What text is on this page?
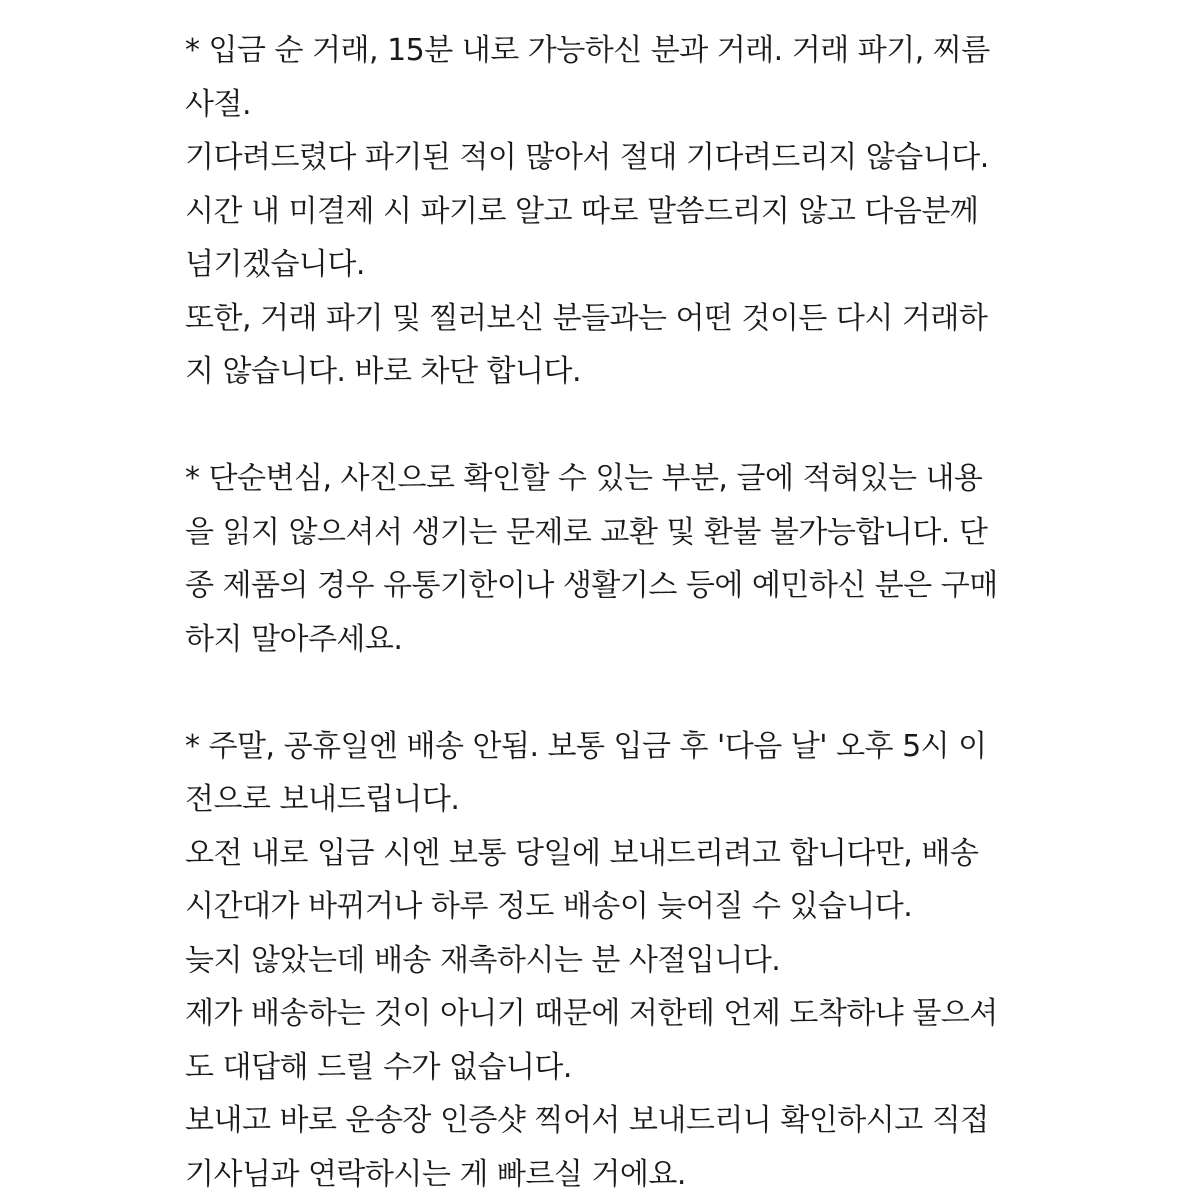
* 입금 순 거래, 15분 내로 가능하신 분과 거래. 거래 파기, 찌름
사절.
기다려드렸다 파기된 적이 많아서 절대 기다려드리지 않습니다.
시간 내 미결제 시 파기로 알고 따로 말씀드리지 않고 다음분께
넘기겠습니다.
또한, 거래 파기 및 찔러보신 분들과는 어떤 것이든 다시 거래하
지 않습니다. 바로 차단 합니다.
* 단순변심, 사진으로 확인할 수 있는 부분, 글에 적혀있는 내용
을 읽지 않으셔서 생기는 문제로 교환 및 환불 불가능합니다. 단
종 제품의 경우 유통기한이나 생활기스 등에 예민하신 분은 구매
하지 말아주세요.
* 주말, 공휴일엔 배송 안됨. 보통 입금 후 '다음 날' 오후 5시 이
전으로 보내드립니다.
오전 내로 입금 시엔 보통 당일에 보내드리려고 합니다만, 배송
시간대가 바뀌거나 하루 정도 배송이 늦어질 수 있습니다.
늦지 않았는데 배송 재촉하시는 분 사절입니다.
제가 배송하는 것이 아니기 때문에 저한테 언제 도착하냐 물으셔
도 대답해 드릴 수가 없습니다.
보내고 바로 운송장 인증샷 찍어서 보내드리니 확인하시고 직접
기사님과 연락하시는 게 빠르실 거에요.
